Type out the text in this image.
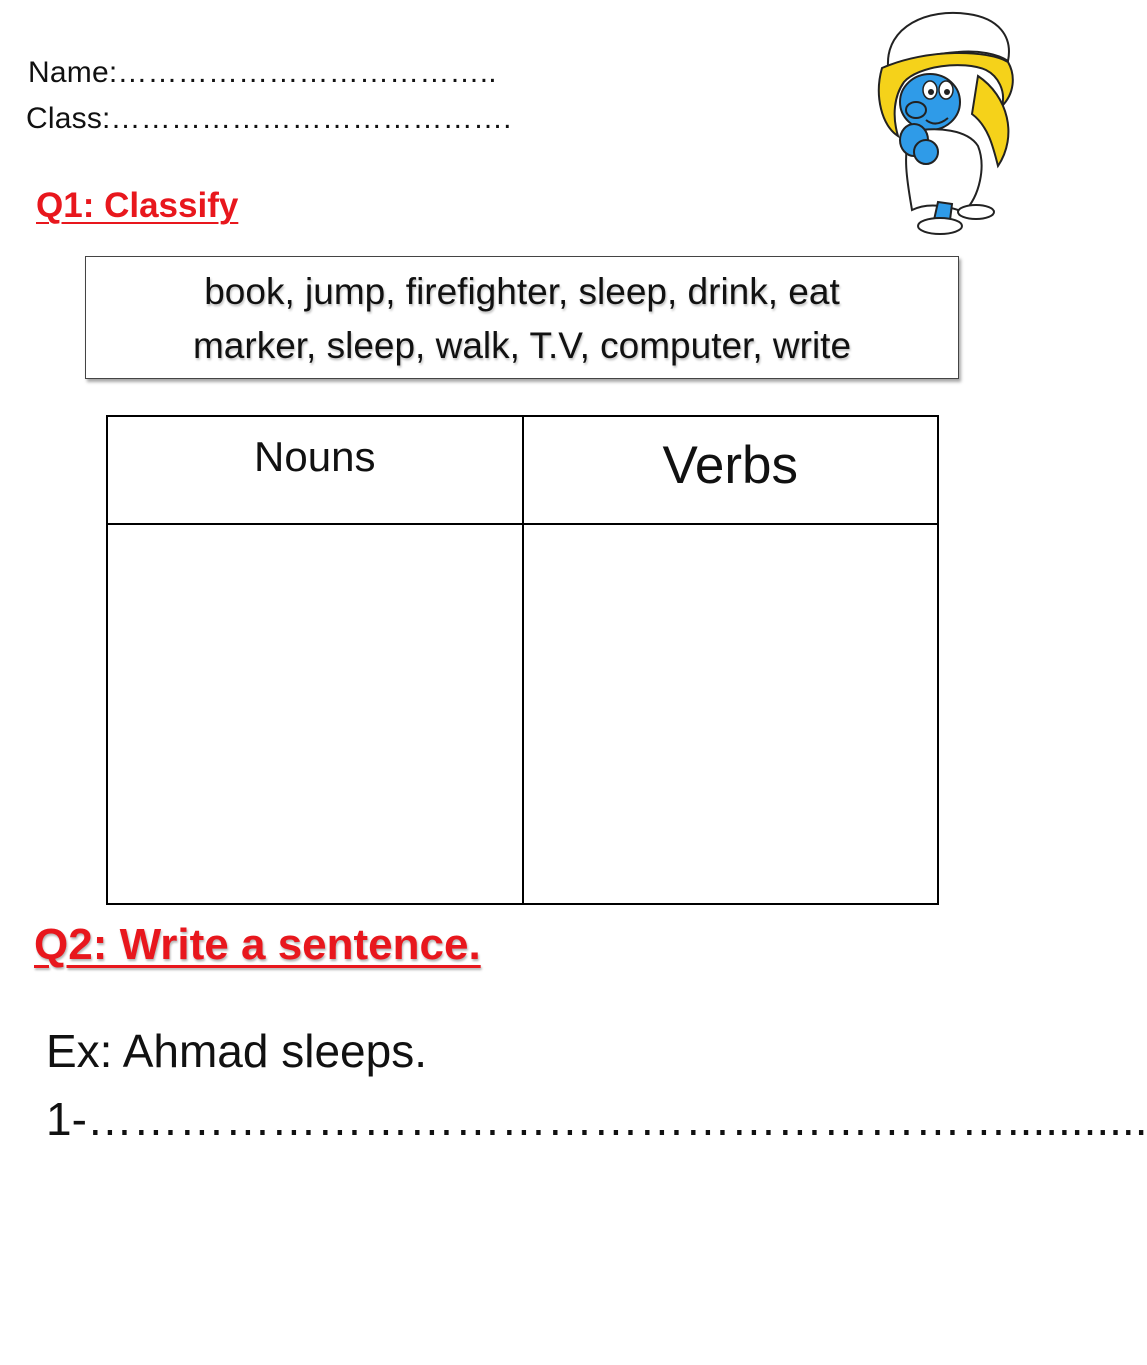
Name:………………………………..
Class:………………………………….
Q1: Classify
book, jump, firefighter, sleep, drink, eat
marker, sleep, walk, T.V, computer, write
Nouns	Verbs

Q2: Write a sentence.
Ex: Ahmad sleeps.
1-……………………………………………………...........
